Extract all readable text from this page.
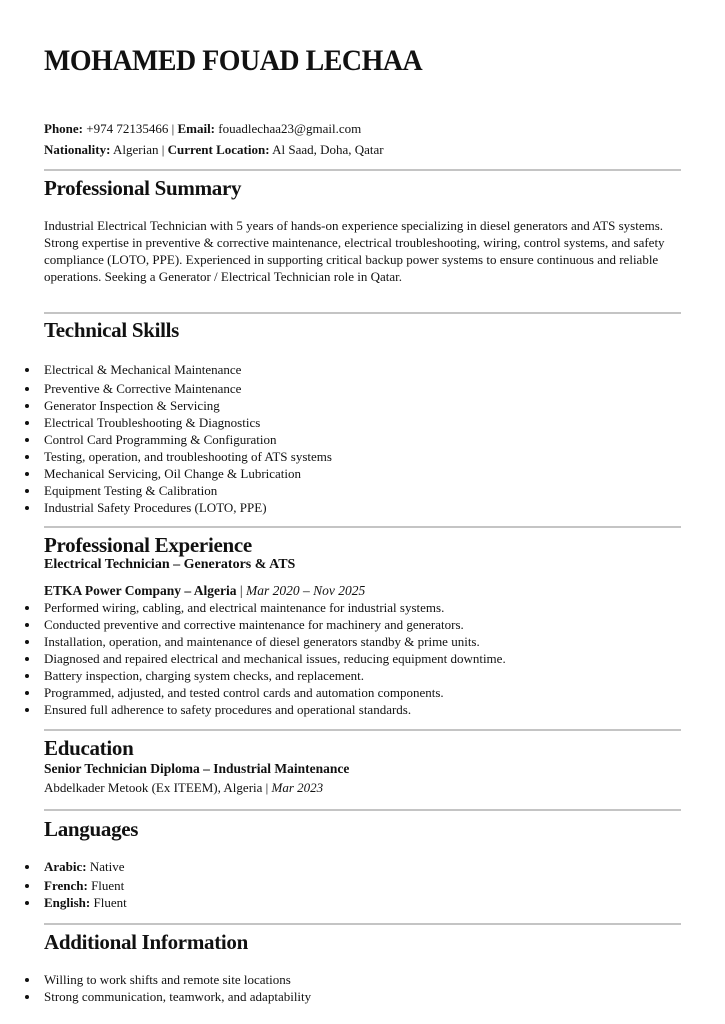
MOHAMED FOUAD LECHAA
Phone: +974 72135466 | Email: fouadlechaa23@gmail.com
Nationality: Algerian | Current Location: Al Saad, Doha, Qatar
Professional Summary
Industrial Electrical Technician with 5 years of hands-on experience specializing in diesel generators and ATS systems. Strong expertise in preventive & corrective maintenance, electrical troubleshooting, wiring, control systems, and safety compliance (LOTO, PPE). Experienced in supporting critical backup power systems to ensure continuous and reliable operations. Seeking a Generator / Electrical Technician role in Qatar.
Technical Skills
Electrical & Mechanical Maintenance
Preventive & Corrective Maintenance
Generator Inspection & Servicing
Electrical Troubleshooting & Diagnostics
Control Card Programming & Configuration
Testing, operation, and troubleshooting of ATS systems
Mechanical Servicing, Oil Change & Lubrication
Equipment Testing & Calibration
Industrial Safety Procedures (LOTO, PPE)
Professional Experience
Electrical Technician – Generators & ATS
ETKA Power Company – Algeria | Mar 2020 – Nov 2025
Performed wiring, cabling, and electrical maintenance for industrial systems.
Conducted preventive and corrective maintenance for machinery and generators.
Installation, operation, and maintenance of diesel generators standby & prime units.
Diagnosed and repaired electrical and mechanical issues, reducing equipment downtime.
Battery inspection, charging system checks, and replacement.
Programmed, adjusted, and tested control cards and automation components.
Ensured full adherence to safety procedures and operational standards.
Education
Senior Technician Diploma – Industrial Maintenance
Abdelkader Metook (Ex ITEEM), Algeria | Mar 2023
Languages
Arabic: Native
French: Fluent
English: Fluent
Additional Information
Willing to work shifts and remote site locations
Strong communication, teamwork, and adaptability
